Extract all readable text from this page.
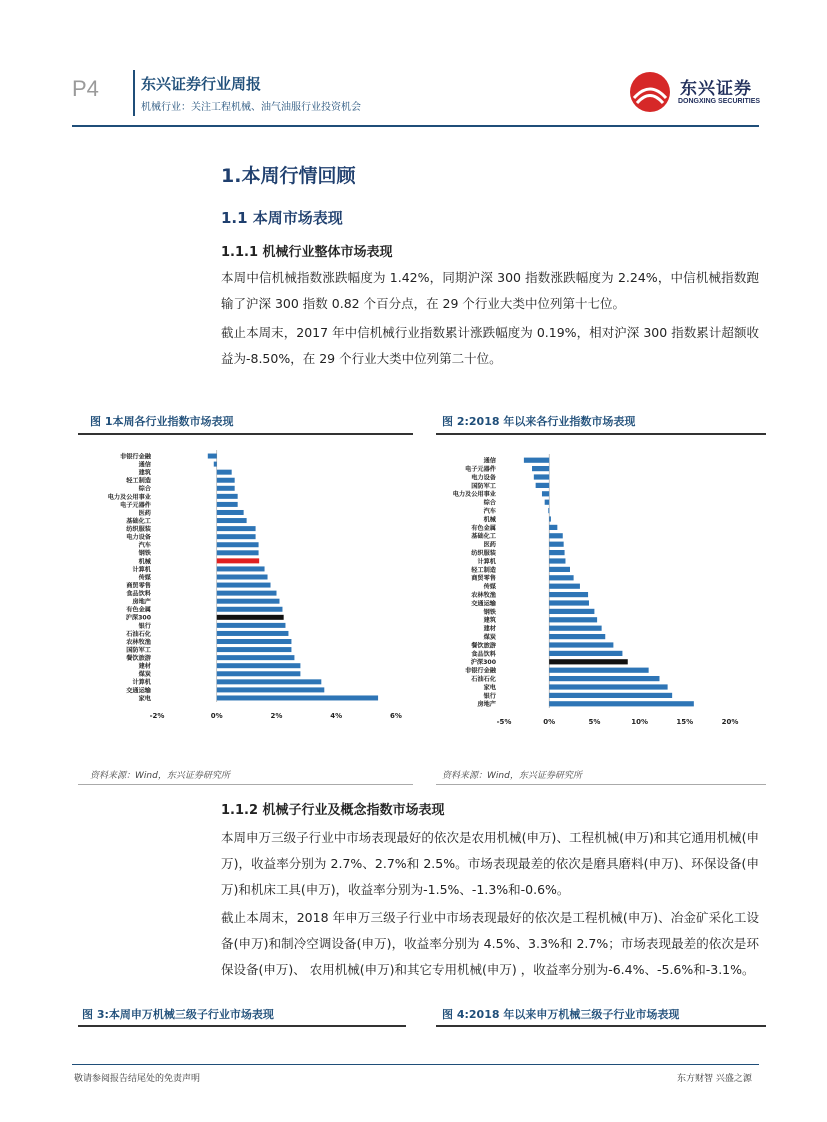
P4	东兴证券行业周报
机械行业：关注工程机械、油气油服行业投资机会
东兴证券
DONGXING SECURITIES
1.本周行情回顾
1.1 本周市场表现
1.1.1 机械行业整体市场表现
本周中信机械指数涨跌幅度为 1.42%，同期沪深 300 指数涨跌幅度为 2.24%，中信机械指数跑输了沪深 300 指数 0.82 个百分点，在 29 个行业大类中位列第十七位。
截止本周末，2017 年中信机械行业指数累计涨跌幅度为 0.19%，相对沪深 300 指数累计超额收益为-8.50%，在 29 个行业大类中位列第二十位。
图 1本周各行业指数市场表现
非银行金融
通信
建筑
轻工制造
综合
电力及公用事业
电子元器件
医药
基础化工
纺织服装
电力设备
汽车
钢铁
机械
计算机
传媒
商贸零售
食品饮料
房地产
有色金属
沪深300
银行
石油石化
农林牧渔
国防军工
餐饮旅游
建材
煤炭
计算机
交通运输
家电
-2%	0%	2%	4%	6%
资料来源：Wind，东兴证券研究所
图 2:2018 年以来各行业指数市场表现
通信
电子元器件
电力设备
国防军工
电力及公用事业
综合
汽车
机械
有色金属
基础化工
医药
纺织服装
计算机
轻工制造
商贸零售
传媒
农林牧渔
交通运输
钢铁
建筑
建材
煤炭
餐饮旅游
食品饮料
沪深300
非银行金融
石油石化
家电
银行
房地产
-5%	0%	5%	10%	15%	20%
资料来源：Wind，东兴证券研究所
1.1.2 机械子行业及概念指数市场表现
本周申万三级子行业中市场表现最好的依次是农用机械(申万)、工程机械(申万)和其它通用机械(申万)，收益率分别为 2.7%、2.7%和 2.5%。市场表现最差的依次是磨具磨料(申万)、环保设备(申万)和机床工具(申万)，收益率分别为-1.5%、-1.3%和-0.6%。
截止本周末，2018 年申万三级子行业中市场表现最好的依次是工程机械(申万)、冶金矿采化工设备(申万)和制冷空调设备(申万)，收益率分别为 4.5%、3.3%和 2.7%；市场表现最差的依次是环保设备(申万)、 农用机械(申万)和其它专用机械(申万) ，收益率分别为-6.4%、-5.6%和-3.1%。
图 3:本周申万机械三级子行业市场表现	图 4:2018 年以来申万机械三级子行业市场表现
敬请参阅报告结尾处的免责声明	东方财智 兴盛之源
